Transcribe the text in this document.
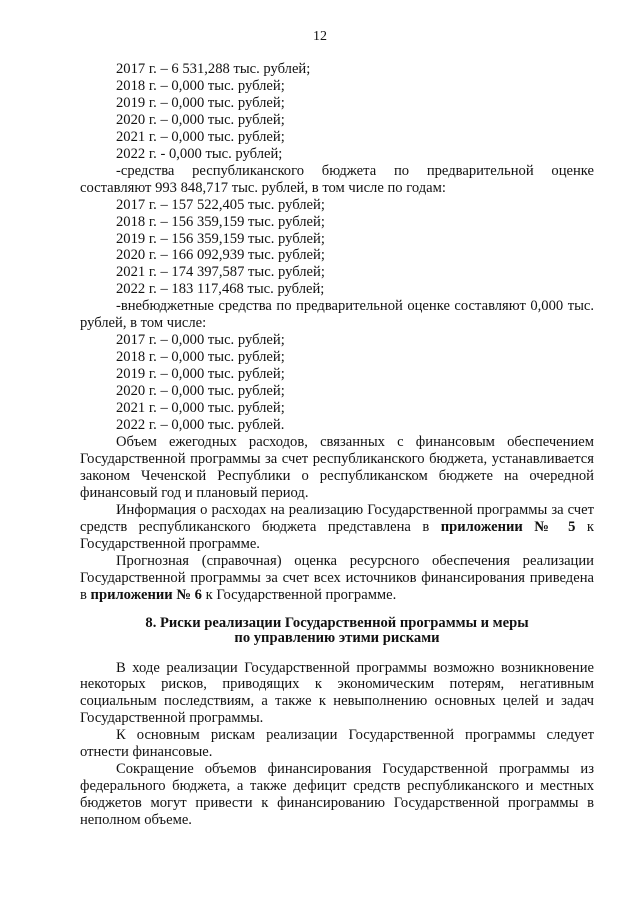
12
2017 г. – 6 531,288 тыс. рублей;
2018 г. – 0,000 тыс. рублей;
2019 г. – 0,000 тыс. рублей;
2020 г. – 0,000 тыс. рублей;
2021 г. – 0,000 тыс. рублей;
2022 г. - 0,000 тыс. рублей;
-средства республиканского бюджета по предварительной оценке составляют 993 848,717 тыс. рублей, в том числе по годам:
2017 г. – 157 522,405 тыс. рублей;
2018 г. – 156 359,159 тыс. рублей;
2019 г. – 156 359,159 тыс. рублей;
2020 г. – 166 092,939 тыс. рублей;
2021 г. – 174 397,587 тыс. рублей;
2022 г. – 183 117,468 тыс. рублей;
-внебюджетные средства по предварительной оценке составляют 0,000 тыс. рублей, в том числе:
2017 г. – 0,000 тыс. рублей;
2018 г. – 0,000 тыс. рублей;
2019 г. – 0,000 тыс. рублей;
2020 г. – 0,000 тыс. рублей;
2021 г. – 0,000 тыс. рублей;
2022 г. – 0,000 тыс. рублей.
Объем ежегодных расходов, связанных с финансовым обеспечением Государственной программы за счет республиканского бюджета, устанавливается законом Чеченской Республики о республиканском бюджете на очередной финансовый год и плановый период.
Информация о расходах на реализацию Государственной программы за счет средств республиканского бюджета представлена в приложении № 5 к Государственной программе.
Прогнозная (справочная) оценка ресурсного обеспечения реализации Государственной программы за счет всех источников финансирования приведена в приложении № 6 к Государственной программе.
8. Риски реализации Государственной программы и меры
по управлению этими рисками
В ходе реализации Государственной программы возможно возникновение некоторых рисков, приводящих к экономическим потерям, негативным социальным последствиям, а также к невыполнению основных целей и задач Государственной программы.
К основным рискам реализации Государственной программы следует отнести финансовые.
Сокращение объемов финансирования Государственной программы из федерального бюджета, а также дефицит средств республиканского и местных бюджетов могут привести к финансированию Государственной программы в неполном объеме.
